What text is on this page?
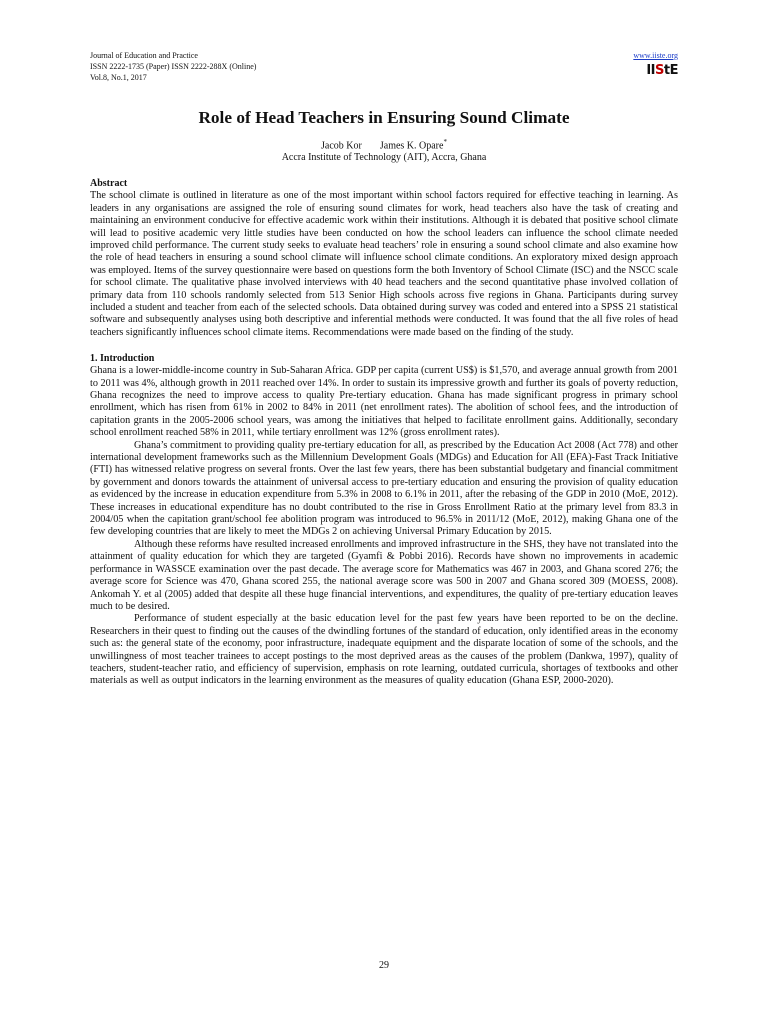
Journal of Education and Practice
ISSN 2222-1735 (Paper) ISSN 2222-288X (Online)
Vol.8, No.1, 2017
www.iiste.org
IIStE
Role of Head Teachers in Ensuring Sound Climate
Jacob Kor James K. Opare*
Accra Institute of Technology (AIT), Accra, Ghana
Abstract

The school climate is outlined in literature as one of the most important within school factors required for effective teaching in learning. As leaders in any organisations are assigned the role of ensuring sound climates for work, head teachers also have the task of creating and maintaining an environment conducive for effective academic work within their institutions. Although it is debated that positive school climate will lead to positive academic very little studies have been conducted on how the school leaders can influence the school climate needed improved child performance. The current study seeks to evaluate head teachers’ role in ensuring a sound school climate and also examine how the role of head teachers in ensuring a sound school climate will influence school climate conditions. An exploratory mixed design approach was employed. Items of the survey questionnaire were based on questions form the both Inventory of School Climate (ISC) and the NSCC scale for school climate. The qualitative phase involved interviews with 40 head teachers and the second quantitative phase involved collation of primary data from 110 schools randomly selected from 513 Senior High schools across five regions in Ghana. Participants during survey included a student and teacher from each of the selected schools. Data obtained during survey was coded and entered into a SPSS 21 statistical software and subsequently analyses using both descriptive and inferential methods were conducted. It was found that the all five roles of head teachers significantly influences school climate items. Recommendations were made based on the finding of the study.

1. Introduction

Ghana is a lower-middle-income country in Sub-Saharan Africa. GDP per capita (current US$) is $1,570, and average annual growth from 2001 to 2011 was 4%, although growth in 2011 reached over 14%. In order to sustain its impressive growth and further its goals of poverty reduction, Ghana recognizes the need to improve access to quality Pre-tertiary education. Ghana has made significant progress in primary school enrollment, which has risen from 61% in 2002 to 84% in 2011 (net enrollment rates). The abolition of school fees, and the introduction of capitation grants in the 2005-2006 school years, was among the initiatives that helped to facilitate enrollment gains. Additionally, secondary school enrollment reached 58% in 2011, while tertiary enrollment was 12% (gross enrollment rates).

Ghana’s commitment to providing quality pre-tertiary education for all, as prescribed by the Education Act 2008 (Act 778) and other international development frameworks such as the Millennium Development Goals (MDGs) and Education for All (EFA)-Fast Track Initiative (FTI) has witnessed relative progress on several fronts. Over the last few years, there has been substantial budgetary and financial commitment by government and donors towards the attainment of universal access to pre-tertiary education and ensuring the provision of quality education as evidenced by the increase in education expenditure from 5.3% in 2008 to 6.1% in 2011, after the rebasing of the GDP in 2010 (MoE, 2012). These increases in educational expenditure has no doubt contributed to the rise in Gross Enrollment Ratio at the primary level from 83.3 in 2004/05 when the capitation grant/school fee abolition program was introduced to 96.5% in 2011/12 (MoE, 2012), making Ghana one of the few developing countries that are likely to meet the MDGs 2 on achieving Universal Primary Education by 2015.

Although these reforms have resulted increased enrollments and improved infrastructure in the SHS, they have not translated into the attainment of quality education for which they are targeted (Gyamfi & Pobbi 2016). Records have shown no improvements in academic performance in WASSCE examination over the past decade. The average score for Mathematics was 467 in 2003, and Ghana scored 276; the average score for Science was 470, Ghana scored 255, the national average score was 500 in 2007 and Ghana scored 309 (MOESS, 2008). Ankomah Y. et al (2005) added that despite all these huge financial interventions, and expenditures, the quality of pre-tertiary education leaves much to be desired.

Performance of student especially at the basic education level for the past few years have been reported to be on the decline. Researchers in their quest to finding out the causes of the dwindling fortunes of the standard of education, only identified areas in the economy such as: the general state of the economy, poor infrastructure, inadequate equipment and the disparate location of some of the schools, and the unwillingness of most teacher trainees to accept postings to the most deprived areas as the causes of the problem (Dankwa, 1997), quality of teachers, student-teacher ratio, and efficiency of supervision, emphasis on rote learning, outdated curricula, shortages of textbooks and other materials as well as output indicators in the learning environment as the measures of quality education (Ghana ESP, 2000-2020).

29
